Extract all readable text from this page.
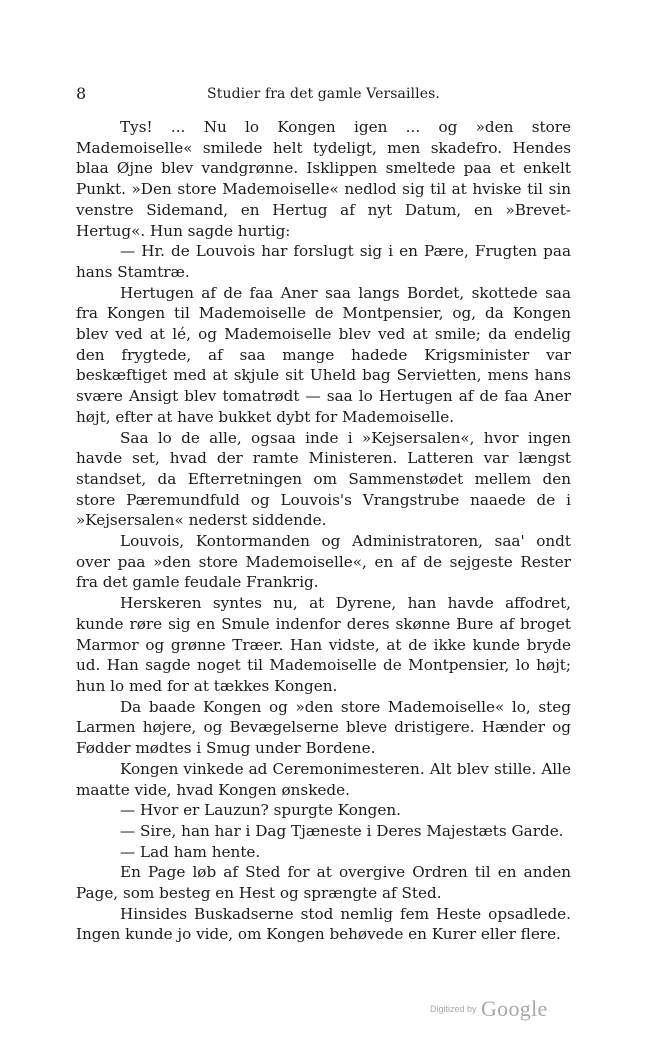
8	Studier fra det gamle Versailles.

Tys! ... Nu lo Kongen igen ... og »den store Mademoiselle« smilede helt tydeligt, men skadefro. Hendes blaa Øjne blev vandgrønne. Isklippen smeltede paa et enkelt Punkt. »Den store Mademoiselle« nedlod sig til at hviske til sin venstre Sidemand, en Hertug af nyt Datum, en »Brevet-Hertug«. Hun sagde hurtig:

— Hr. de Louvois har forslugt sig i en Pære, Frugten paa hans Stamtræ.

Hertugen af de faa Aner saa langs Bordet, skottede saa fra Kongen til Mademoiselle de Montpensier, og, da Kongen blev ved at lé, og Mademoiselle blev ved at smile; da endelig den frygtede, af saa mange hadede Krigsminister var beskæftiget med at skjule sit Uheld bag Servietten, mens hans svære Ansigt blev tomatrødt — saa lo Hertugen af de faa Aner højt, efter at have bukket dybt for Mademoiselle.

Saa lo de alle, ogsaa inde i »Kejsersalen«, hvor ingen havde set, hvad der ramte Ministeren. Latteren var længst standset, da Efterretningen om Sammenstødet mellem den store Pæremundfuld og Louvois's Vrangstrube naaede de i »Kejsersalen« nederst siddende.

Louvois, Kontormanden og Administratoren, saa' ondt over paa »den store Mademoiselle«, en af de sejgeste Rester fra det gamle feudale Frankrig.

Herskeren syntes nu, at Dyrene, han havde affodret, kunde røre sig en Smule indenfor deres skønne Bure af broget Marmor og grønne Træer. Han vidste, at de ikke kunde bryde ud. Han sagde noget til Mademoiselle de Montpensier, lo højt; hun lo med for at tækkes Kongen.

Da baade Kongen og »den store Mademoiselle« lo, steg Larmen højere, og Bevægelserne bleve dristigere. Hænder og Fødder mødtes i Smug under Bordene.

Kongen vinkede ad Ceremonimesteren. Alt blev stille. Alle maatte vide, hvad Kongen ønskede.

— Hvor er Lauzun? spurgte Kongen.

— Sire, han har i Dag Tjæneste i Deres Majestæts Garde.

— Lad ham hente.

En Page løb af Sted for at overgive Ordren til en anden Page, som besteg en Hest og sprængte af Sted.

Hinsides Buskadserne stod nemlig fem Heste opsadlede. Ingen kunde jo vide, om Kongen behøvede en Kurer eller flere.

Digitized by Google
